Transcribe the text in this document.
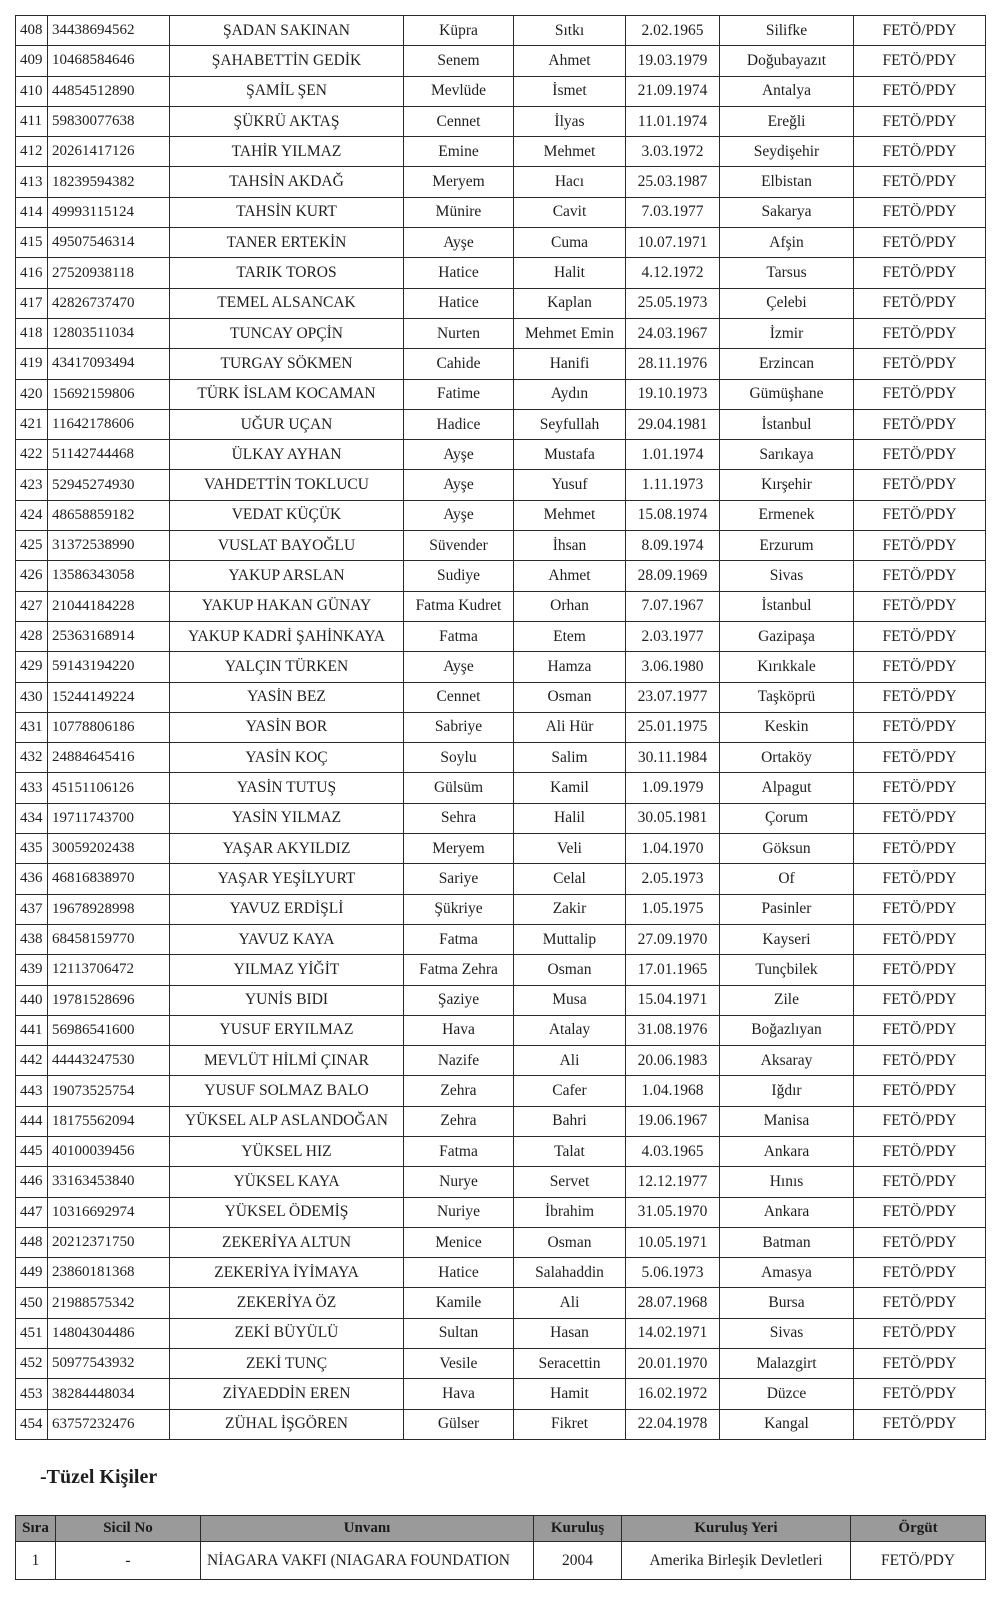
408	34438694562	ŞADAN SAKINAN	Küpra	Sıtkı	2.02.1965	Silifke	FETÖ/PDY
409	10468584646	ŞAHABETTİN GEDİK	Senem	Ahmet	19.03.1979	Doğubayazıt	FETÖ/PDY
410	44854512890	ŞAMİL ŞEN	Mevlüde	İsmet	21.09.1974	Antalya	FETÖ/PDY
411	59830077638	ŞÜKRÜ AKTAŞ	Cennet	İlyas	11.01.1974	Ereğli	FETÖ/PDY
412	20261417126	TAHİR YILMAZ	Emine	Mehmet	3.03.1972	Seydişehir	FETÖ/PDY
413	18239594382	TAHSİN AKDAĞ	Meryem	Hacı	25.03.1987	Elbistan	FETÖ/PDY
414	49993115124	TAHSİN KURT	Münire	Cavit	7.03.1977	Sakarya	FETÖ/PDY
415	49507546314	TANER ERTEKİN	Ayşe	Cuma	10.07.1971	Afşin	FETÖ/PDY
416	27520938118	TARIK TOROS	Hatice	Halit	4.12.1972	Tarsus	FETÖ/PDY
417	42826737470	TEMEL ALSANCAK	Hatice	Kaplan	25.05.1973	Çelebi	FETÖ/PDY
418	12803511034	TUNCAY OPÇİN	Nurten	Mehmet Emin	24.03.1967	İzmir	FETÖ/PDY
419	43417093494	TURGAY SÖKMEN	Cahide	Hanifi	28.11.1976	Erzincan	FETÖ/PDY
420	15692159806	TÜRK İSLAM KOCAMAN	Fatime	Aydın	19.10.1973	Gümüşhane	FETÖ/PDY
421	11642178606	UĞUR UÇAN	Hadice	Seyfullah	29.04.1981	İstanbul	FETÖ/PDY
422	51142744468	ÜLKAY AYHAN	Ayşe	Mustafa	1.01.1974	Sarıkaya	FETÖ/PDY
423	52945274930	VAHDETTİN TOKLUCU	Ayşe	Yusuf	1.11.1973	Kırşehir	FETÖ/PDY
424	48658859182	VEDAT KÜÇÜK	Ayşe	Mehmet	15.08.1974	Ermenek	FETÖ/PDY
425	31372538990	VUSLAT BAYOĞLU	Süvender	İhsan	8.09.1974	Erzurum	FETÖ/PDY
426	13586343058	YAKUP ARSLAN	Sudiye	Ahmet	28.09.1969	Sivas	FETÖ/PDY
427	21044184228	YAKUP HAKAN GÜNAY	Fatma Kudret	Orhan	7.07.1967	İstanbul	FETÖ/PDY
428	25363168914	YAKUP KADRİ ŞAHİNKAYA	Fatma	Etem	2.03.1977	Gazipaşa	FETÖ/PDY
429	59143194220	YALÇIN TÜRKEN	Ayşe	Hamza	3.06.1980	Kırıkkale	FETÖ/PDY
430	15244149224	YASİN BEZ	Cennet	Osman	23.07.1977	Taşköprü	FETÖ/PDY
431	10778806186	YASİN BOR	Sabriye	Ali Hür	25.01.1975	Keskin	FETÖ/PDY
432	24884645416	YASİN KOÇ	Soylu	Salim	30.11.1984	Ortaköy	FETÖ/PDY
433	45151106126	YASİN TUTUŞ	Gülsüm	Kamil	1.09.1979	Alpagut	FETÖ/PDY
434	19711743700	YASİN YILMAZ	Sehra	Halil	30.05.1981	Çorum	FETÖ/PDY
435	30059202438	YAŞAR AKYILDIZ	Meryem	Veli	1.04.1970	Göksun	FETÖ/PDY
436	46816838970	YAŞAR YEŞİLYURT	Sariye	Celal	2.05.1973	Of	FETÖ/PDY
437	19678928998	YAVUZ ERDİŞLİ	Şükriye	Zakir	1.05.1975	Pasinler	FETÖ/PDY
438	68458159770	YAVUZ KAYA	Fatma	Muttalip	27.09.1970	Kayseri	FETÖ/PDY
439	12113706472	YILMAZ YİĞİT	Fatma Zehra	Osman	17.01.1965	Tunçbilek	FETÖ/PDY
440	19781528696	YUNİS BIDI	Şaziye	Musa	15.04.1971	Zile	FETÖ/PDY
441	56986541600	YUSUF ERYILMAZ	Hava	Atalay	31.08.1976	Boğazlıyan	FETÖ/PDY
442	44443247530	MEVLÜT HİLMİ ÇINAR	Nazife	Ali	20.06.1983	Aksaray	FETÖ/PDY
443	19073525754	YUSUF SOLMAZ BALO	Zehra	Cafer	1.04.1968	Iğdır	FETÖ/PDY
444	18175562094	YÜKSEL ALP ASLANDOĞAN	Zehra	Bahri	19.06.1967	Manisa	FETÖ/PDY
445	40100039456	YÜKSEL HIZ	Fatma	Talat	4.03.1965	Ankara	FETÖ/PDY
446	33163453840	YÜKSEL KAYA	Nurye	Servet	12.12.1977	Hınıs	FETÖ/PDY
447	10316692974	YÜKSEL ÖDEMİŞ	Nuriye	İbrahim	31.05.1970	Ankara	FETÖ/PDY
448	20212371750	ZEKERİYA ALTUN	Menice	Osman	10.05.1971	Batman	FETÖ/PDY
449	23860181368	ZEKERİYA İYİMAYA	Hatice	Salahaddin	5.06.1973	Amasya	FETÖ/PDY
450	21988575342	ZEKERİYA ÖZ	Kamile	Ali	28.07.1968	Bursa	FETÖ/PDY
451	14804304486	ZEKİ BÜYÜLÜ	Sultan	Hasan	14.02.1971	Sivas	FETÖ/PDY
452	50977543932	ZEKİ TUNÇ	Vesile	Seracettin	20.01.1970	Malazgirt	FETÖ/PDY
453	38284448034	ZİYAEDDİN EREN	Hava	Hamit	16.02.1972	Düzce	FETÖ/PDY
454	63757232476	ZÜHAL İŞGÖREN	Gülser	Fikret	22.04.1978	Kangal	FETÖ/PDY
-Tüzel Kişiler
Sıra	Sicil No	Unvanı	Kuruluş	Kuruluş Yeri	Örgüt
1	-	NİAGARA VAKFI (NIAGARA FOUNDATION	2004	Amerika Birleşik Devletleri	FETÖ/PDY
